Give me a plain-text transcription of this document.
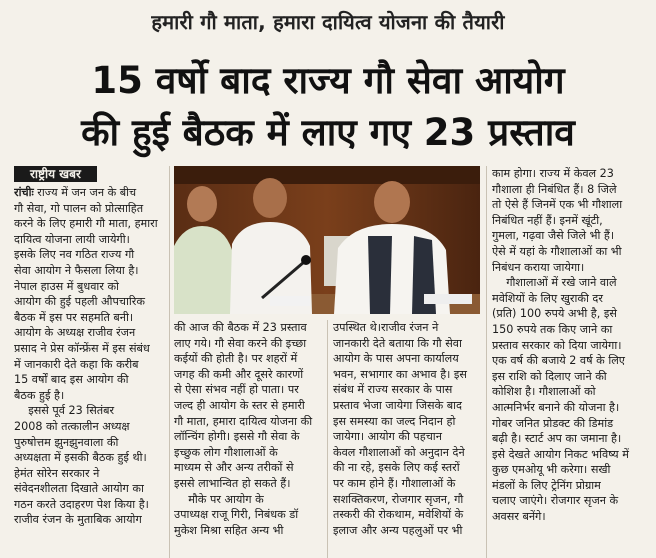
हमारी गौ माता, हमारा दायित्व योजना की तैयारी
15 वर्षो बाद राज्य गौ सेवा आयोग
की हुई बैठक में लाए गए 23 प्रस्ताव
राष्ट्रीय खबर

रांचीः राज्य में जन जन के बीच

गौ सेवा, गो पालन को प्रोत्साहित

करने के लिए हमारी गौ माता, हमारा

दायित्व योजना लायी जायेगी।

इसके लिए नव गठित राज्य गौ

सेवा आयोग ने फैसला लिया है।

नेपाल हाउस में बुधवार को

आयोग की हुई पहली औपचारिक

बैठक में इस पर सहमति बनी।

आयोग के अध्यक्ष राजीव रंजन

प्रसाद ने प्रेस कॉन्फ्रेंस में इस संबंध

में जानकारी देते कहा कि करीब

15 वर्षों बाद इस आयोग की

बैठक हुई है।

इससे पूर्व 23 सितंबर

2008 को तत्कालीन अध्यक्ष

पुरुषोत्तम झुनझुनवाला की

अध्यक्षता में इसकी बैठक हुई थी।

हेमंत सोरेन सरकार ने

संवेदनशीलता दिखाते आयोग का

गठन करते उदाहरण पेश किया है।

राजीव रंजन के मुताबिक आयोग

की आज की बैठक में 23 प्रस्ताव

लाए गये। गौ सेवा करने की इच्छा

कईयों की होती है। पर शहरों में

जगह की कमी और दूसरे कारणों

से ऐसा संभव नहीं हो पाता। पर

जल्द ही आयोग के स्तर से हमारी

गौ माता, हमारा दायित्व योजना की

लॉन्चिंग होगी। इससे गौ सेवा के

इच्छुक लोग गौशालाओं के

माध्यम से और अन्य तरीकों से

इससे लाभान्वित हो सकते हैं।

मौके पर आयोग के

उपाध्यक्ष राजू गिरी, निबंधक डॉ

मुकेश मिश्रा सहित अन्य भी

उपस्थित थे।राजीव रंजन ने

जानकारी देते बताया कि गौ सेवा

आयोग के पास अपना कार्यालय

भवन, सभागार का अभाव है। इस

संबंध में राज्य सरकार के पास

प्रस्ताव भेजा जायेगा जिसके बाद

इस समस्या का जल्द निदान हो

जायेगा। आयोग की पहचान

केवल गौशालाओं को अनुदान देने

की ना रहे, इसके लिए कई स्तरों

पर काम होने हैं। गौशालाओं के

सशक्तिकरण, रोजगार सृजन, गौ

तस्करी की रोकथाम, मवेशियों के

इलाज और अन्य पहलुओं पर भी

काम होगा। राज्य में केवल 23

गौशाला ही निबंधित हैं। 8 जिले

तो ऐसे हैं जिनमें एक भी गौशाला

निबंधित नहीं हैं। इनमें खूंटी,

गुमला, गढ़वा जैसे जिले भी हैं।

ऐसे में यहां के गौशालाओं का भी

निबंधन कराया जायेगा।

गौशालाओं में रखे जाने वाले

मवेशियों के लिए खुराकी दर

(प्रति) 100 रुपये अभी है, इसे

150 रुपये तक किए जाने का

प्रस्ताव सरकार को दिया जायेगा।

एक वर्ष की बजाये 2 वर्ष के लिए

इस राशि को दिलाए जाने की

कोशिश है। गौशालाओं को

आत्मनिर्भर बनाने की योजना है।

गोबर जनित प्रोडक्ट की डिमांड

बढ़ी है। स्टार्ट अप का जमाना है।

इसे देखते आयोग निकट भविष्य में

कुछ एमओयू भी करेगा। सखी

मंडलों के लिए ट्रेनिंग प्रोग्राम

चलाए जाएंगे। रोजगार सृजन के

अवसर बनेंगे।
